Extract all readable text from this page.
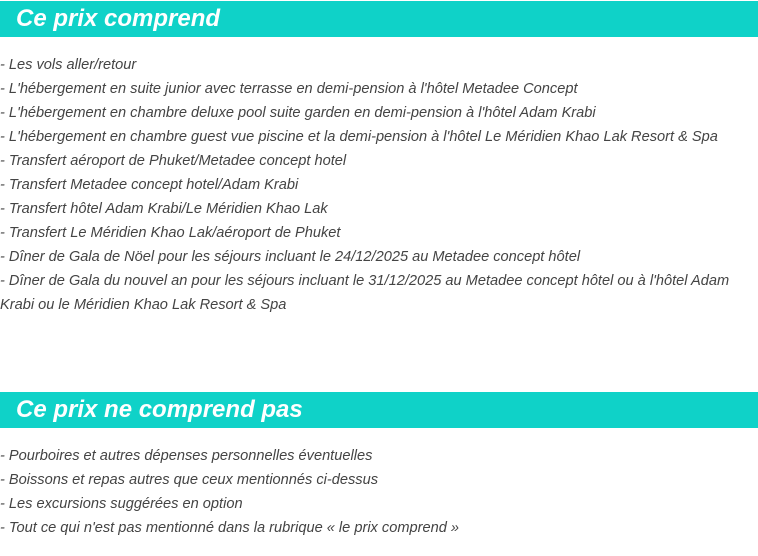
Ce prix comprend
- Les vols aller/retour
- L'hébergement en suite junior avec terrasse en demi-pension à l'hôtel Metadee Concept
- L'hébergement en chambre deluxe pool suite garden en demi-pension à l'hôtel Adam Krabi
- L'hébergement en chambre guest vue piscine et la demi-pension à l'hôtel Le Méridien Khao Lak Resort & Spa
- Transfert aéroport de Phuket/Metadee concept hotel
- Transfert Metadee concept hotel/Adam Krabi
- Transfert hôtel Adam Krabi/Le Méridien Khao Lak
- Transfert Le Méridien Khao Lak/aéroport de Phuket
- Dîner de Gala de Nöel pour les séjours incluant le 24/12/2025 au Metadee concept hôtel
- Dîner de Gala du nouvel an pour les séjours incluant le 31/12/2025 au Metadee concept hôtel ou à l'hôtel Adam Krabi ou le Méridien Khao Lak Resort & Spa
Ce prix ne comprend pas
- Pourboires et autres dépenses personnelles éventuelles
- Boissons et repas autres que ceux mentionnés ci-dessus
- Les excursions suggérées en option
- Tout ce qui n'est pas mentionné dans la rubrique « le prix comprend »
